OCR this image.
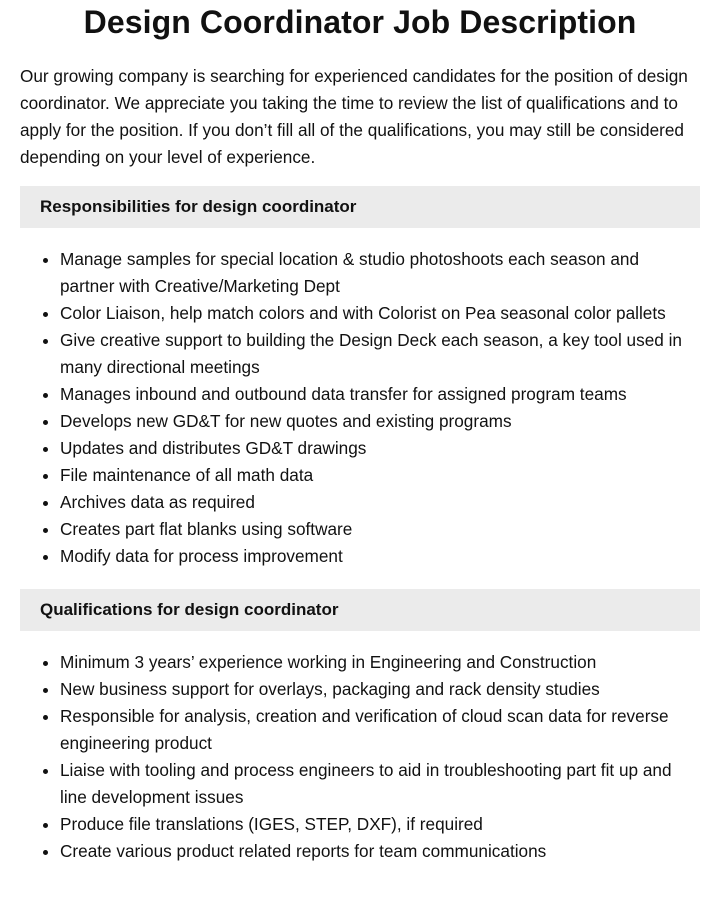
Design Coordinator Job Description

Our growing company is searching for experienced candidates for the position of design coordinator. We appreciate you taking the time to review the list of qualifications and to apply for the position. If you don’t fill all of the qualifications, you may still be considered depending on your level of experience.

Responsibilities for design coordinator
• Manage samples for special location & studio photoshoots each season and partner with Creative/Marketing Dept
• Color Liaison, help match colors and with Colorist on Pea seasonal color pallets
• Give creative support to building the Design Deck each season, a key tool used in many directional meetings
• Manages inbound and outbound data transfer for assigned program teams
• Develops new GD&T for new quotes and existing programs
• Updates and distributes GD&T drawings
• File maintenance of all math data
• Archives data as required
• Creates part flat blanks using software
• Modify data for process improvement
Qualifications for design coordinator
• Minimum 3 years’ experience working in Engineering and Construction
• New business support for overlays, packaging and rack density studies
• Responsible for analysis, creation and verification of cloud scan data for reverse engineering product
• Liaise with tooling and process engineers to aid in troubleshooting part fit up and line development issues
• Produce file translations (IGES, STEP, DXF), if required
• Create various product related reports for team communications
